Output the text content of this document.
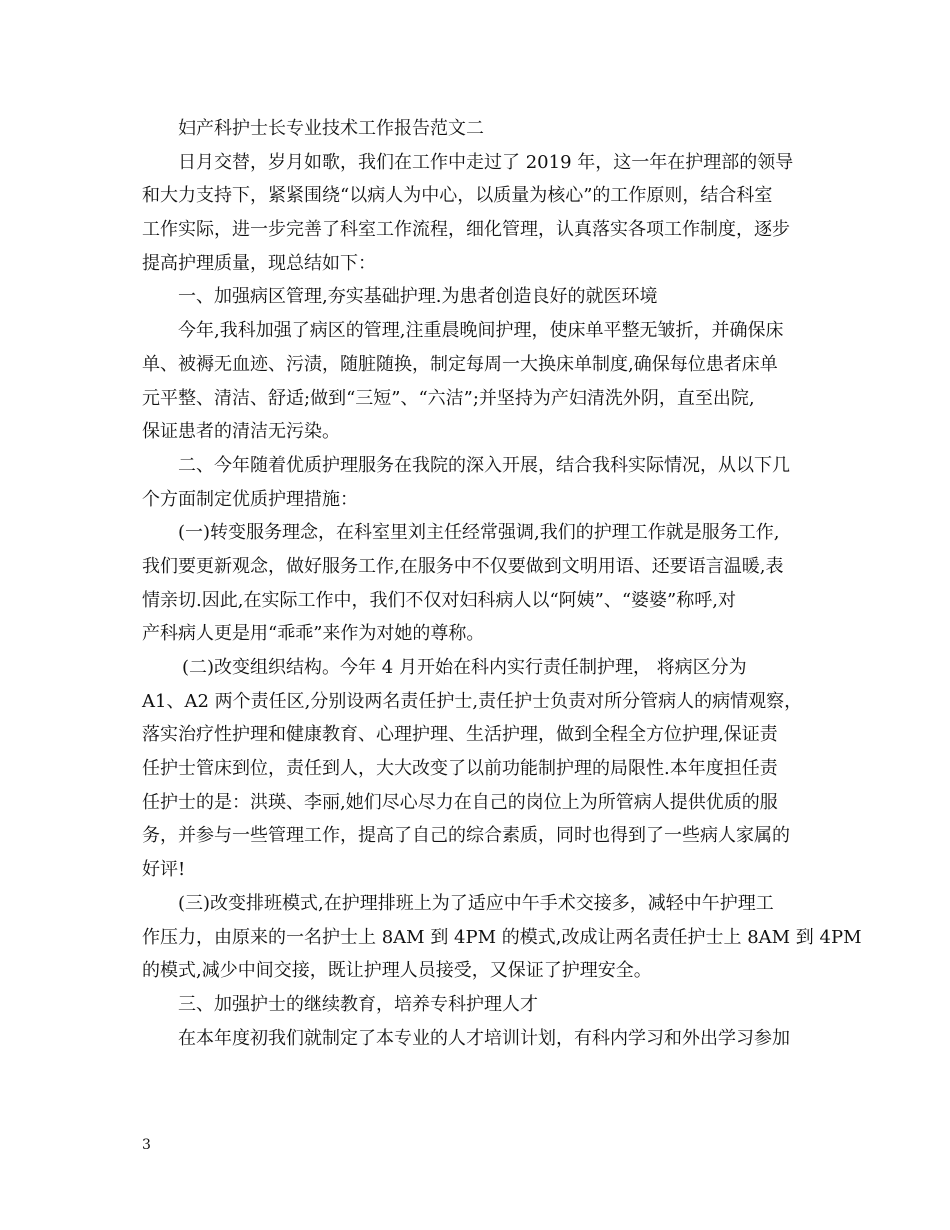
妇产科护士长专业技术工作报告范文二
日月交替，岁月如歌，我们在工作中走过了 2019 年，这一年在护理部的领导
和大力支持下，紧紧围绕“以病人为中心，以质量为核心”的工作原则，结合科室
工作实际，进一步完善了科室工作流程，细化管理，认真落实各项工作制度，逐步
提高护理质量，现总结如下：
一、加强病区管理,夯实基础护理.为患者创造良好的就医环境
今年,我科加强了病区的管理,注重晨晚间护理，使床单平整无皱折，并确保床
单、被褥无血迹、污渍，随脏随换，制定每周一大换床单制度,确保每位患者床单
元平整、清洁、舒适;做到“三短”、“六洁”;并坚持为产妇清洗外阴，直至出院,
保证患者的清洁无污染。
二、今年随着优质护理服务在我院的深入开展，结合我科实际情况，从以下几
个方面制定优质护理措施：
(一)转变服务理念，在科室里刘主任经常强调,我们的护理工作就是服务工作,
我们要更新观念，做好服务工作,在服务中不仅要做到文明用语、还要语言温暖,表
情亲切.因此,在实际工作中，我们不仅对妇科病人以“阿姨”、“婆婆”称呼,对
产科病人更是用“乖乖”来作为对她的尊称。
(二)改变组织结构。今年 4 月开始在科内实行责任制护理， 将病区分为
A1、A2 两个责任区,分别设两名责任护士,责任护士负责对所分管病人的病情观察，
落实治疗性护理和健康教育、心理护理、生活护理，做到全程全方位护理,保证责
任护士管床到位，责任到人，大大改变了以前功能制护理的局限性.本年度担任责
任护士的是：洪瑛、李丽,她们尽心尽力在自己的岗位上为所管病人提供优质的服
务，并参与一些管理工作，提高了自己的综合素质，同时也得到了一些病人家属的
好评!
(三)改变排班模式,在护理排班上为了适应中午手术交接多，减轻中午护理工
作压力，由原来的一名护士上 8AM 到 4PM 的模式,改成让两名责任护士上 8AM 到 4PM
的模式,减少中间交接，既让护理人员接受，又保证了护理安全。
三、加强护士的继续教育，培养专科护理人才
在本年度初我们就制定了本专业的人才培训计划，有科内学习和外出学习参加
3
